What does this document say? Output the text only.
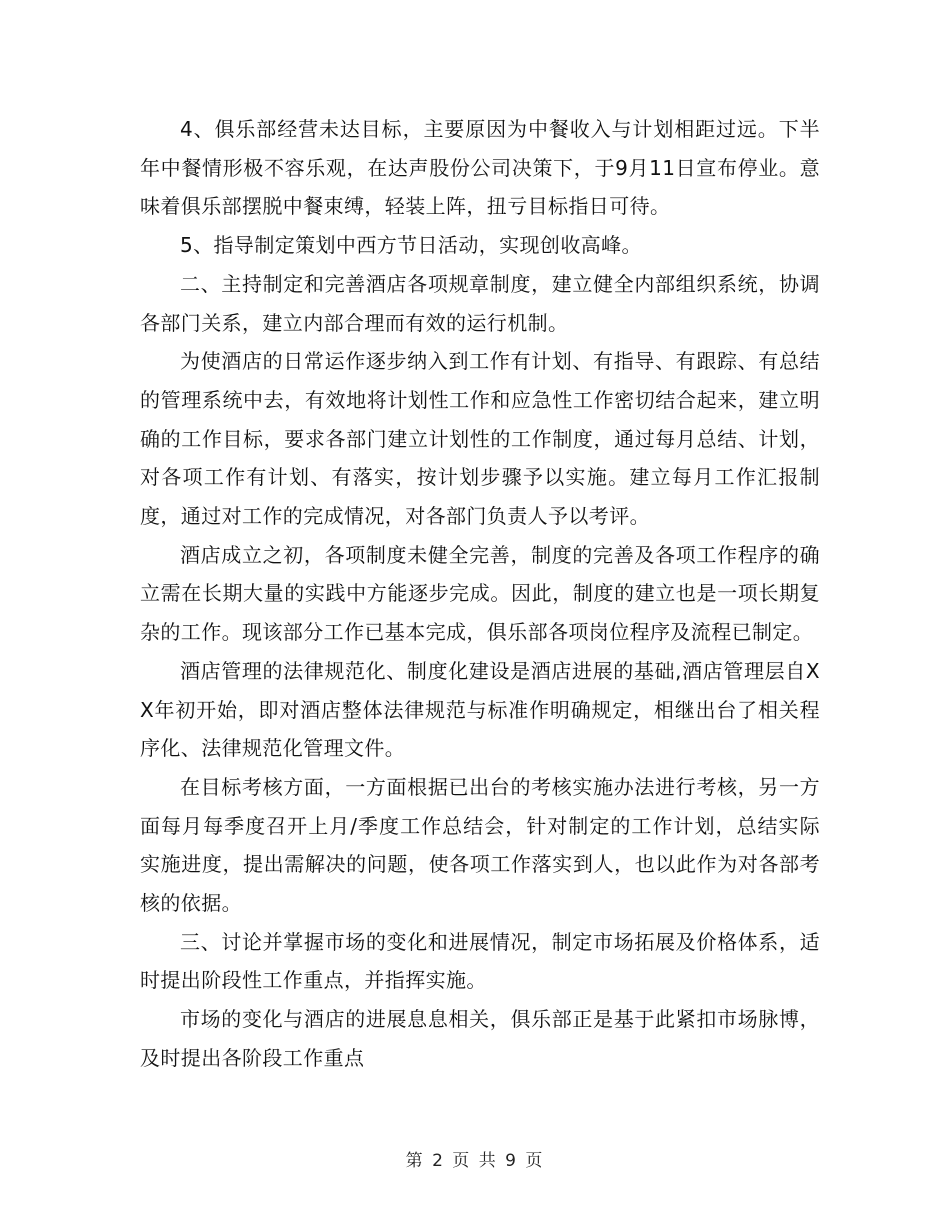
4、俱乐部经营未达目标，主要原因为中餐收入与计划相距过远。下半年中餐情形极不容乐观，在达声股份公司决策下，于9月11日宣布停业。意味着俱乐部摆脱中餐束缚，轻装上阵，扭亏目标指日可待。

5、指导制定策划中西方节日活动，实现创收高峰。

二、主持制定和完善酒店各项规章制度，建立健全内部组织系统，协调各部门关系，建立内部合理而有效的运行机制。

为使酒店的日常运作逐步纳入到工作有计划、有指导、有跟踪、有总结的管理系统中去，有效地将计划性工作和应急性工作密切结合起来，建立明确的工作目标，要求各部门建立计划性的工作制度，通过每月总结、计划，对各项工作有计划、有落实，按计划步骤予以实施。建立每月工作汇报制度，通过对工作的完成情况，对各部门负责人予以考评。

酒店成立之初，各项制度未健全完善，制度的完善及各项工作程序的确立需在长期大量的实践中方能逐步完成。因此，制度的建立也是一项长期复杂的工作。现该部分工作已基本完成，俱乐部各项岗位程序及流程已制定。

酒店管理的法律规范化、制度化建设是酒店进展的基础,酒店管理层自XX年初开始，即对酒店整体法律规范与标准作明确规定，相继出台了相关程序化、法律规范化管理文件。

在目标考核方面，一方面根据已出台的考核实施办法进行考核，另一方面每月每季度召开上月/季度工作总结会，针对制定的工作计划，总结实际实施进度，提出需解决的问题，使各项工作落实到人，也以此作为对各部考核的依据。

三、讨论并掌握市场的变化和进展情况，制定市场拓展及价格体系，适时提出阶段性工作重点，并指挥实施。

市场的变化与酒店的进展息息相关，俱乐部正是基于此紧扣市场脉博，及时提出各阶段工作重点

第 2 页 共 9 页
